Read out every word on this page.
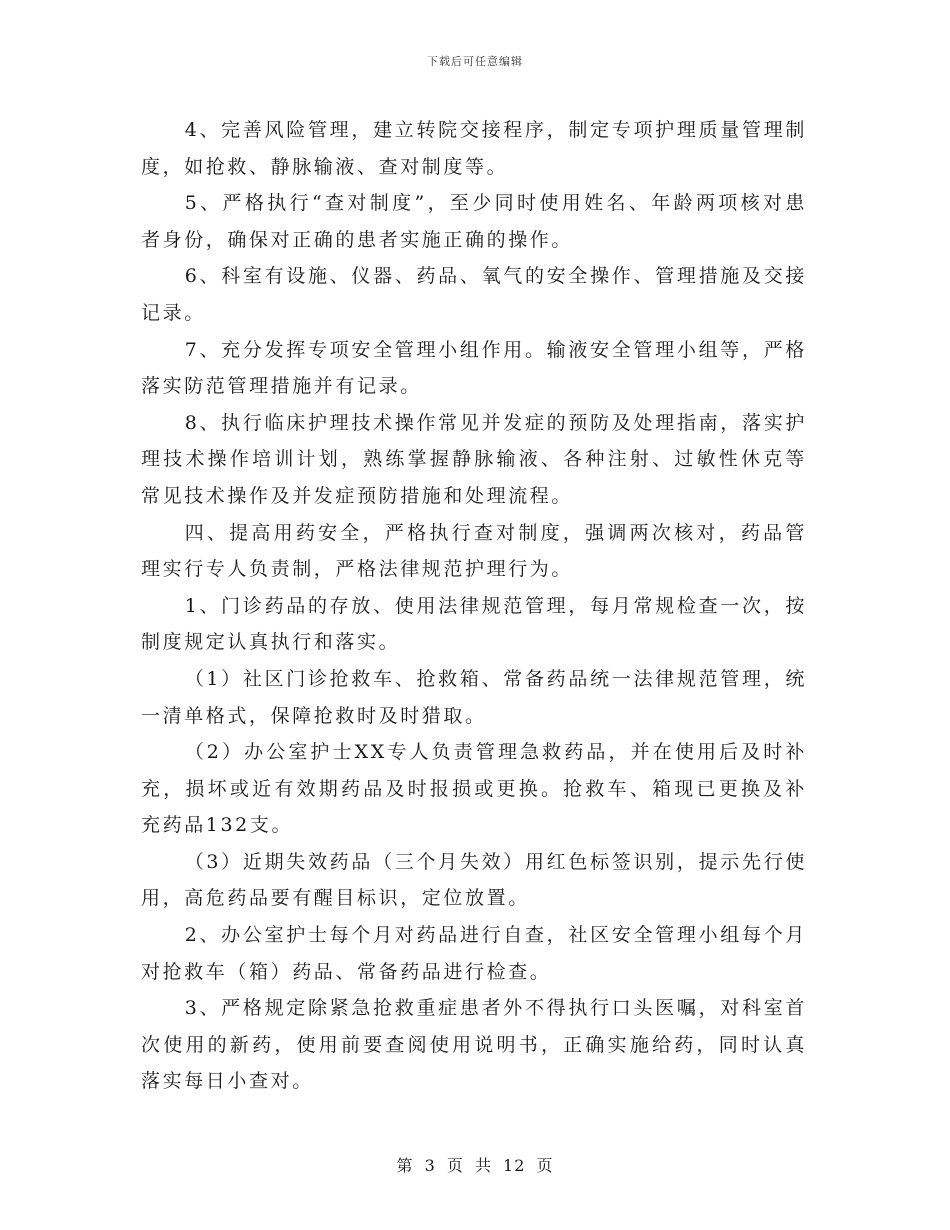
下载后可任意编辑

4、完善风险管理，建立转院交接程序，制定专项护理质量管理制度，如抢救、静脉输液、查对制度等。

5、严格执行“查对制度”，至少同时使用姓名、年龄两项核对患者身份，确保对正确的患者实施正确的操作。

6、科室有设施、仪器、药品、氧气的安全操作、管理措施及交接记录。

7、充分发挥专项安全管理小组作用。输液安全管理小组等，严格落实防范管理措施并有记录。

8、执行临床护理技术操作常见并发症的预防及处理指南，落实护理技术操作培训计划，熟练掌握静脉输液、各种注射、过敏性休克等常见技术操作及并发症预防措施和处理流程。

四、提高用药安全，严格执行查对制度，强调两次核对，药品管理实行专人负责制，严格法律规范护理行为。

1、门诊药品的存放、使用法律规范管理，每月常规检查一次，按制度规定认真执行和落实。

（1）社区门诊抢救车、抢救箱、常备药品统一法律规范管理，统一清单格式，保障抢救时及时猎取。

（2）办公室护士XX专人负责管理急救药品，并在使用后及时补充，损坏或近有效期药品及时报损或更换。抢救车、箱现已更换及补充药品132支。

（3）近期失效药品（三个月失效）用红色标签识别，提示先行使用，高危药品要有醒目标识，定位放置。

2、办公室护士每个月对药品进行自查，社区安全管理小组每个月对抢救车（箱）药品、常备药品进行检查。

3、严格规定除紧急抢救重症患者外不得执行口头医嘱，对科室首次使用的新药，使用前要查阅使用说明书，正确实施给药，同时认真落实每日小查对。

第 3 页 共 12 页
